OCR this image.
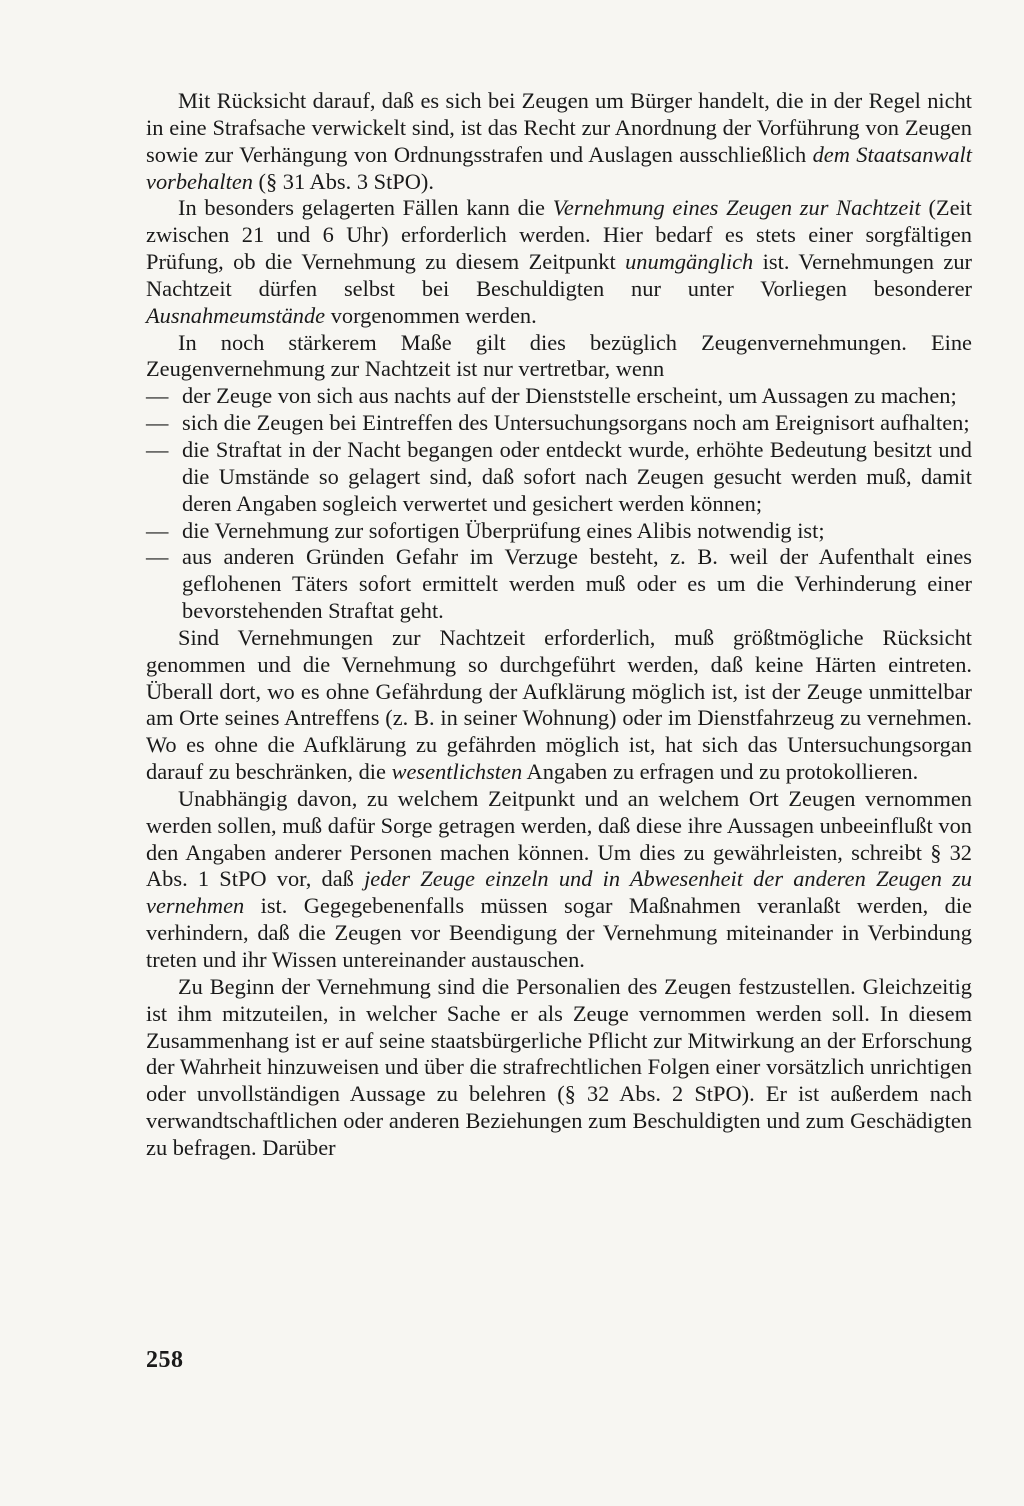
Mit Rücksicht darauf, daß es sich bei Zeugen um Bürger handelt, die in der Regel nicht in eine Strafsache verwickelt sind, ist das Recht zur Anordnung der Vorführung von Zeugen sowie zur Verhängung von Ordnungsstrafen und Auslagen ausschließlich dem Staatsanwalt vorbehalten (§ 31 Abs. 3 StPO).

In besonders gelagerten Fällen kann die Vernehmung eines Zeugen zur Nachtzeit (Zeit zwischen 21 und 6 Uhr) erforderlich werden. Hier bedarf es stets einer sorgfältigen Prüfung, ob die Vernehmung zu diesem Zeitpunkt unumgänglich ist. Vernehmungen zur Nachtzeit dürfen selbst bei Beschuldigten nur unter Vorliegen besonderer Ausnahmeumstände vorgenommen werden.

In noch stärkerem Maße gilt dies bezüglich Zeugenvernehmungen. Eine Zeugenvernehmung zur Nachtzeit ist nur vertretbar, wenn

— der Zeuge von sich aus nachts auf der Dienststelle erscheint, um Aussagen zu machen;
— sich die Zeugen bei Eintreffen des Untersuchungsorgans noch am Ereignisort aufhalten;
— die Straftat in der Nacht begangen oder entdeckt wurde, erhöhte Bedeutung besitzt und die Umstände so gelagert sind, daß sofort nach Zeugen gesucht werden muß, damit deren Angaben sogleich verwertet und gesichert werden können;
— die Vernehmung zur sofortigen Überprüfung eines Alibis notwendig ist;
— aus anderen Gründen Gefahr im Verzuge besteht, z. B. weil der Aufenthalt eines geflohenen Täters sofort ermittelt werden muß oder es um die Verhinderung einer bevorstehenden Straftat geht.

Sind Vernehmungen zur Nachtzeit erforderlich, muß größtmögliche Rücksicht genommen und die Vernehmung so durchgeführt werden, daß keine Härten eintreten. Überall dort, wo es ohne Gefährdung der Aufklärung möglich ist, ist der Zeuge unmittelbar am Orte seines Antreffens (z. B. in seiner Wohnung) oder im Dienstfahrzeug zu vernehmen. Wo es ohne die Aufklärung zu gefährden möglich ist, hat sich das Untersuchungsorgan darauf zu beschränken, die wesentlichsten Angaben zu erfragen und zu protokollieren.

Unabhängig davon, zu welchem Zeitpunkt und an welchem Ort Zeugen vernommen werden sollen, muß dafür Sorge getragen werden, daß diese ihre Aussagen unbeeinflußt von den Angaben anderer Personen machen können. Um dies zu gewährleisten, schreibt § 32 Abs. 1 StPO vor, daß jeder Zeuge einzeln und in Abwesenheit der anderen Zeugen zu vernehmen ist. Gegegebenenfalls müssen sogar Maßnahmen veranlaßt werden, die verhindern, daß die Zeugen vor Beendigung der Vernehmung miteinander in Verbindung treten und ihr Wissen untereinander austauschen.

Zu Beginn der Vernehmung sind die Personalien des Zeugen festzustellen. Gleichzeitig ist ihm mitzuteilen, in welcher Sache er als Zeuge vernommen werden soll. In diesem Zusammenhang ist er auf seine staatsbürgerliche Pflicht zur Mitwirkung an der Erforschung der Wahrheit hinzuweisen und über die strafrechtlichen Folgen einer vorsätzlich unrichtigen oder unvollständigen Aussage zu belehren (§ 32 Abs. 2 StPO). Er ist außerdem nach verwandtschaftlichen oder anderen Beziehungen zum Beschuldigten und zum Geschädigten zu befragen. Darüber

258
